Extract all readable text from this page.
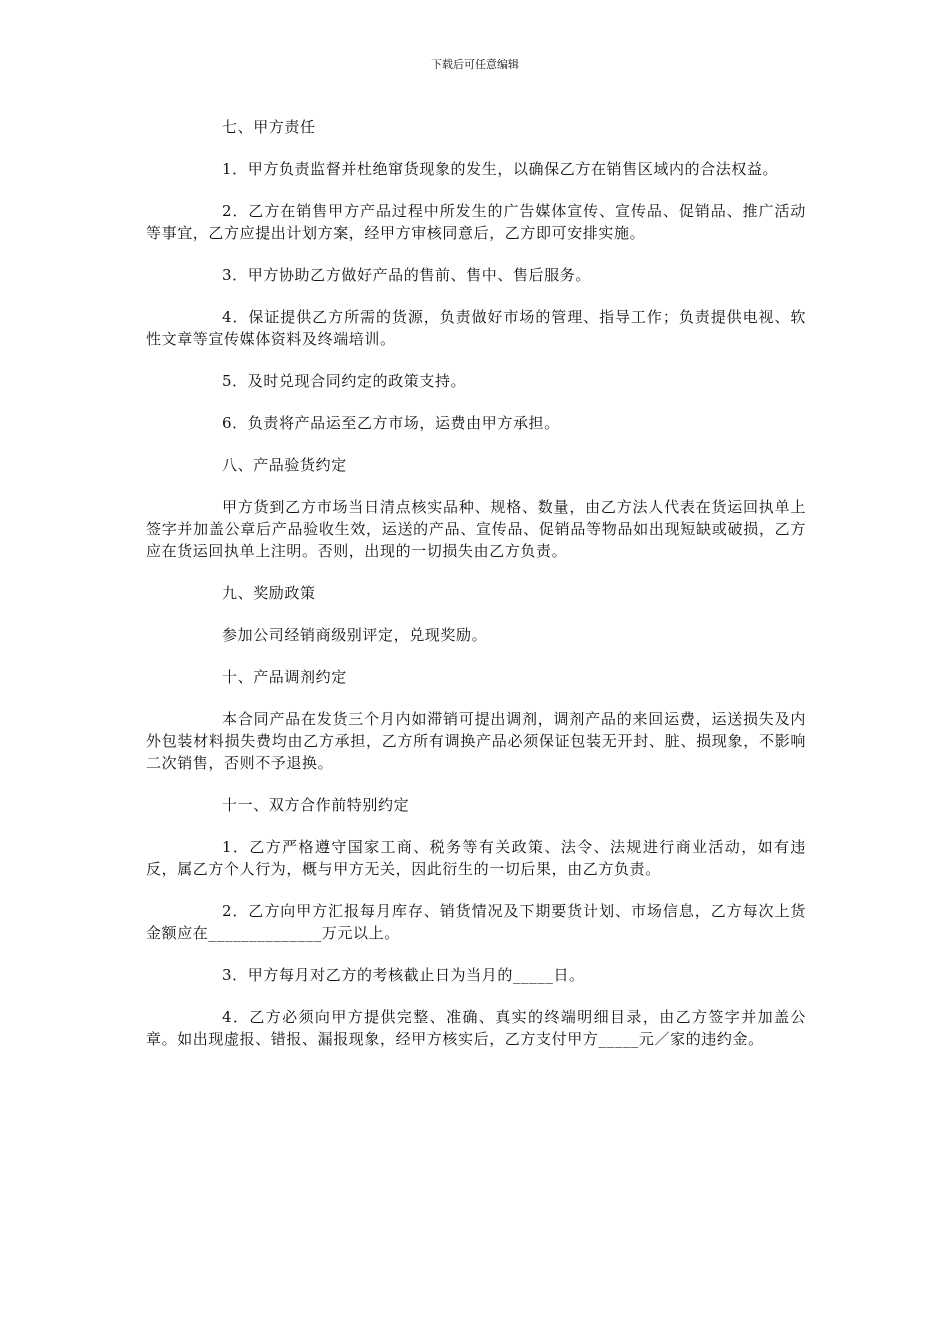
下载后可任意编辑

七、甲方责任

1．甲方负责监督并杜绝窜货现象的发生，以确保乙方在销售区域内的合法权益。

2．乙方在销售甲方产品过程中所发生的广告媒体宣传、宣传品、促销品、推广活动等事宜，乙方应提出计划方案，经甲方审核同意后，乙方即可安排实施。

3．甲方协助乙方做好产品的售前、售中、售后服务。

4．保证提供乙方所需的货源，负责做好市场的管理、指导工作；负责提供电视、软性文章等宣传媒体资料及终端培训。

5．及时兑现合同约定的政策支持。

6．负责将产品运至乙方市场，运费由甲方承担。

八、产品验货约定

甲方货到乙方市场当日清点核实品种、规格、数量，由乙方法人代表在货运回执单上签字并加盖公章后产品验收生效，运送的产品、宣传品、促销品等物品如出现短缺或破损，乙方应在货运回执单上注明。否则，出现的一切损失由乙方负责。

九、奖励政策

参加公司经销商级别评定，兑现奖励。

十、产品调剂约定

本合同产品在发货三个月内如滞销可提出调剂，调剂产品的来回运费，运送损失及内外包装材料损失费均由乙方承担，乙方所有调换产品必须保证包装无开封、脏、损现象，不影响二次销售，否则不予退换。

十一、双方合作前特别约定

1．乙方严格遵守国家工商、税务等有关政策、法令、法规进行商业活动，如有违反，属乙方个人行为，概与甲方无关，因此衍生的一切后果，由乙方负责。

2．乙方向甲方汇报每月库存、销货情况及下期要货计划、市场信息，乙方每次上货金额应在______________万元以上。

3．甲方每月对乙方的考核截止日为当月的_____日。

4．乙方必须向甲方提供完整、准确、真实的终端明细目录，由乙方签字并加盖公章。如出现虚报、错报、漏报现象，经甲方核实后，乙方支付甲方_____元／家的违约金。
